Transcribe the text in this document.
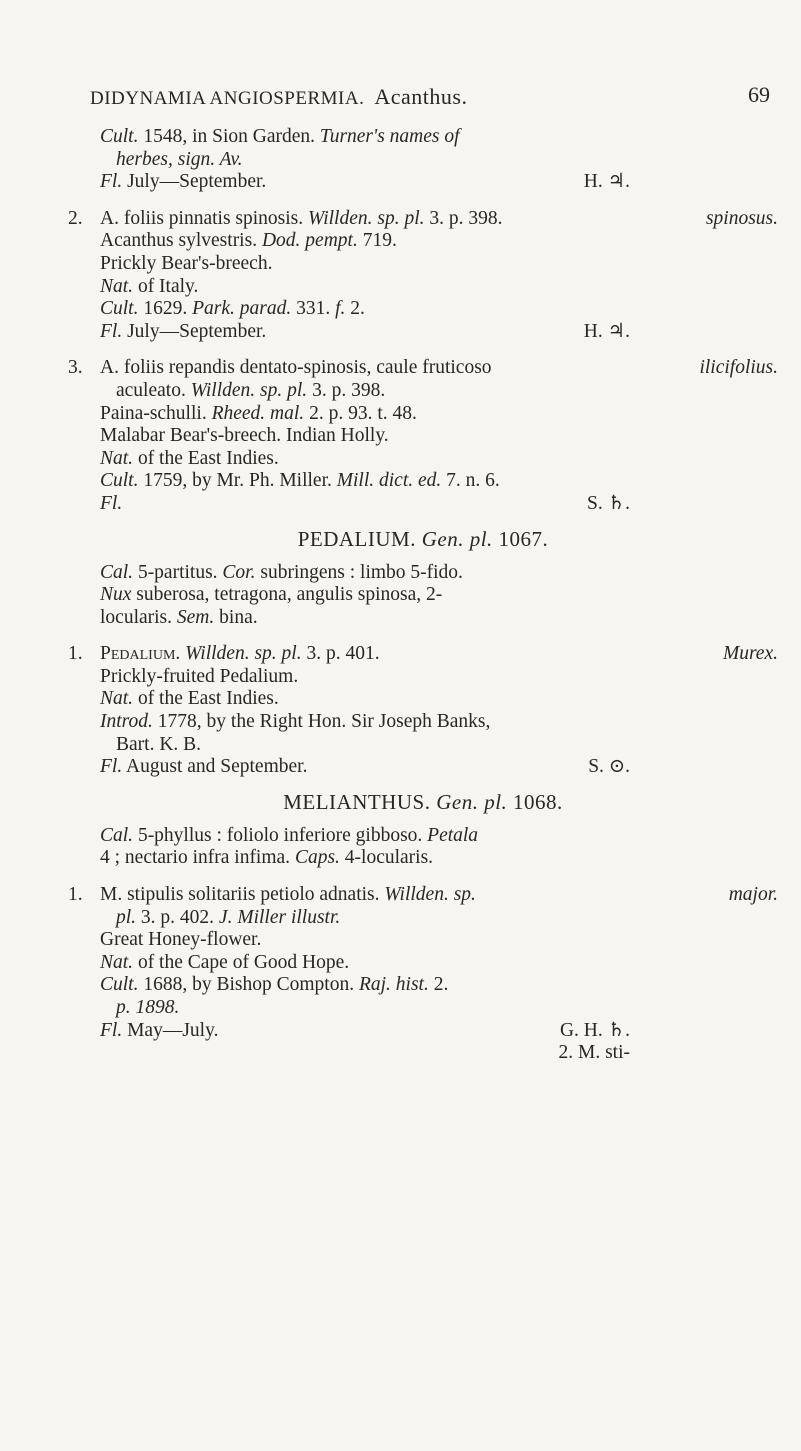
DIDYNAMIA ANGIOSPERMIA. Acanthus.	69
Cult. 1548, in Sion Garden. Turner's names of
herbes, sign. Av.
Fl. July—September.	H. ♃.
2. A. foliis pinnatis spinosis. Willden. sp. pl. 3. p. 398.	spinosus.
Acanthus sylvestris. Dod. pempt. 719.
Prickly Bear's-breech.
Nat. of Italy.
Cult. 1629. Park. parad. 331. f. 2.
Fl. July—September.	H. ♃.
3. A. foliis repandis dentato-spinosis, caule fruticoso	ilicifolius.
aculeato. Willden. sp. pl. 3. p. 398.
Paina-schulli. Rheed. mal. 2. p. 93. t. 48.
Malabar Bear's-breech. Indian Holly.
Nat. of the East Indies.
Cult. 1759, by Mr. Ph. Miller. Mill. dict. ed. 7. n. 6.
Fl.	S. ♄.
PEDALIUM. Gen. pl. 1067.
Cal. 5-partitus. Cor. subringens : limbo 5-fido.
Nux suberosa, tetragona, angulis spinosa, 2-
locularis. Sem. bina.
1. Pedalium. Willden. sp. pl. 3. p. 401.	Murex.
Prickly-fruited Pedalium.
Nat. of the East Indies.
Introd. 1778, by the Right Hon. Sir Joseph Banks,
Bart. K. B.
Fl. August and September.	S. ⊙.
MELIANTHUS. Gen. pl. 1068.
Cal. 5-phyllus : foliolo inferiore gibboso. Petala
4 ; nectario infra infima. Caps. 4-locularis.
1. M. stipulis solitariis petiolo adnatis. Willden. sp.	major.
pl. 3. p. 402. J. Miller illustr.
Great Honey-flower.
Nat. of the Cape of Good Hope.
Cult. 1688, by Bishop Compton. Raj. hist. 2.
p. 1898.
Fl. May—July.	G. H. ♄.
2. M. sti-
